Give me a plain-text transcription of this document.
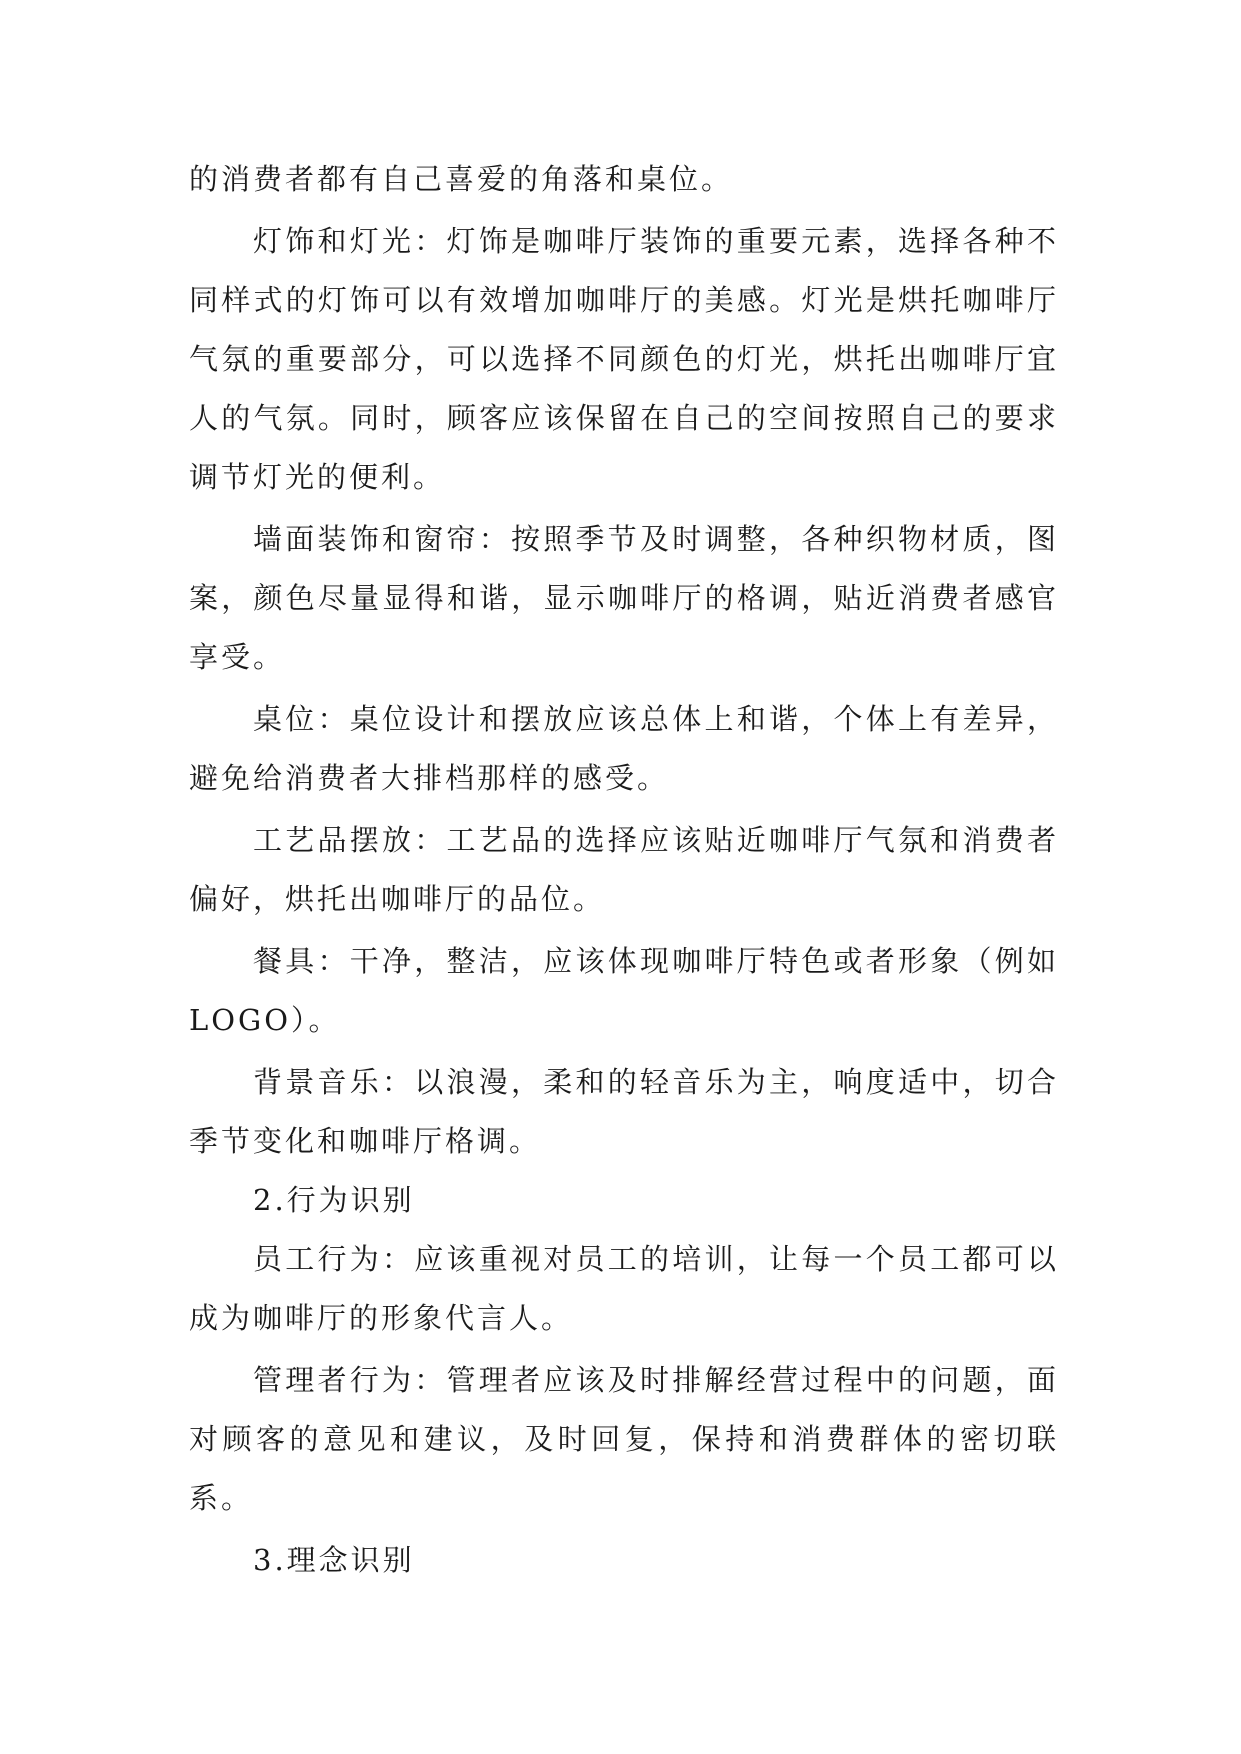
的消费者都有自己喜爱的角落和桌位。

灯饰和灯光：灯饰是咖啡厅装饰的重要元素，选择各种不同样式的灯饰可以有效增加咖啡厅的美感。灯光是烘托咖啡厅气氛的重要部分，可以选择不同颜色的灯光，烘托出咖啡厅宜人的气氛。同时，顾客应该保留在自己的空间按照自己的要求调节灯光的便利。

墙面装饰和窗帘：按照季节及时调整，各种织物材质，图案，颜色尽量显得和谐，显示咖啡厅的格调，贴近消费者感官享受。

桌位：桌位设计和摆放应该总体上和谐，个体上有差异，避免给消费者大排档那样的感受。

工艺品摆放：工艺品的选择应该贴近咖啡厅气氛和消费者偏好，烘托出咖啡厅的品位。

餐具：干净，整洁，应该体现咖啡厅特色或者形象（例如LOGO）。

背景音乐：以浪漫，柔和的轻音乐为主，响度适中，切合季节变化和咖啡厅格调。

2.行为识别

员工行为：应该重视对员工的培训，让每一个员工都可以成为咖啡厅的形象代言人。

管理者行为：管理者应该及时排解经营过程中的问题，面对顾客的意见和建议，及时回复，保持和消费群体的密切联系。

3.理念识别
